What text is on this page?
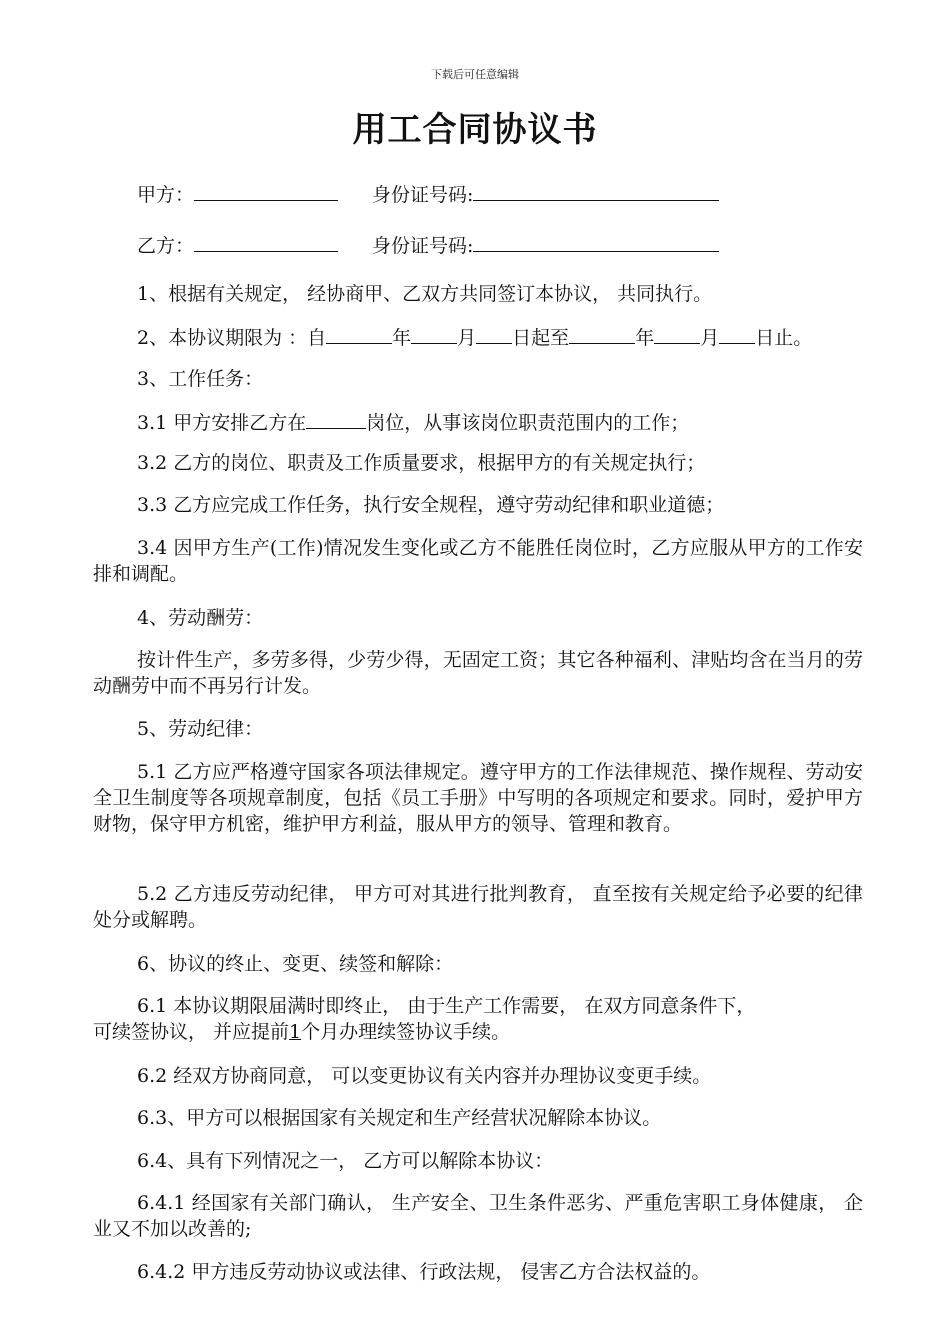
下载后可任意编辑
用工合同协议书
甲方：	身份证号码:
乙方：	身份证号码:
1、根据有关规定， 经协商甲、乙双方共同签订本协议， 共同执行。
2、本协议期限为 ：自	年 月 日起至	年 月 日止。
3、工作任务：
3.1 甲方安排乙方在	岗位，从事该岗位职责范围内的工作；
3.2 乙方的岗位、职责及工作质量要求，根据甲方的有关规定执行；
3.3 乙方应完成工作任务，执行安全规程，遵守劳动纪律和职业道德；
3.4 因甲方生产(工作)情况发生变化或乙方不能胜任岗位时，乙方应服从甲方的工作安排和调配。
4、劳动酬劳：
按计件生产，多劳多得，少劳少得，无固定工资；其它各种福利、津贴均含在当月的劳动酬劳中而不再另行计发。
5、劳动纪律：
5.1 乙方应严格遵守国家各项法律规定。遵守甲方的工作法律规范、操作规程、劳动安全卫生制度等各项规章制度，包括《员工手册》中写明的各项规定和要求。同时，爱护甲方财物，保守甲方机密，维护甲方利益，服从甲方的领导、管理和教育。
5.2 乙方违反劳动纪律， 甲方可对其进行批判教育， 直至按有关规定给予必要的纪律处分或解聘。
6、协议的终止、变更、续签和解除：
6.1 本协议期限届满时即终止， 由于生产工作需要， 在双方同意条件下，
可续签协议， 并应提前1个月办理续签协议手续。
6.2 经双方协商同意， 可以变更协议有关内容并办理协议变更手续。
6.3、甲方可以根据国家有关规定和生产经营状况解除本协议。
6.4、具有下列情况之一， 乙方可以解除本协议：
6.4.1 经国家有关部门确认， 生产安全、卫生条件恶劣、严重危害职工身体健康， 企业又不加以改善的;
6.4.2 甲方违反劳动协议或法律、行政法规， 侵害乙方合法权益的。
